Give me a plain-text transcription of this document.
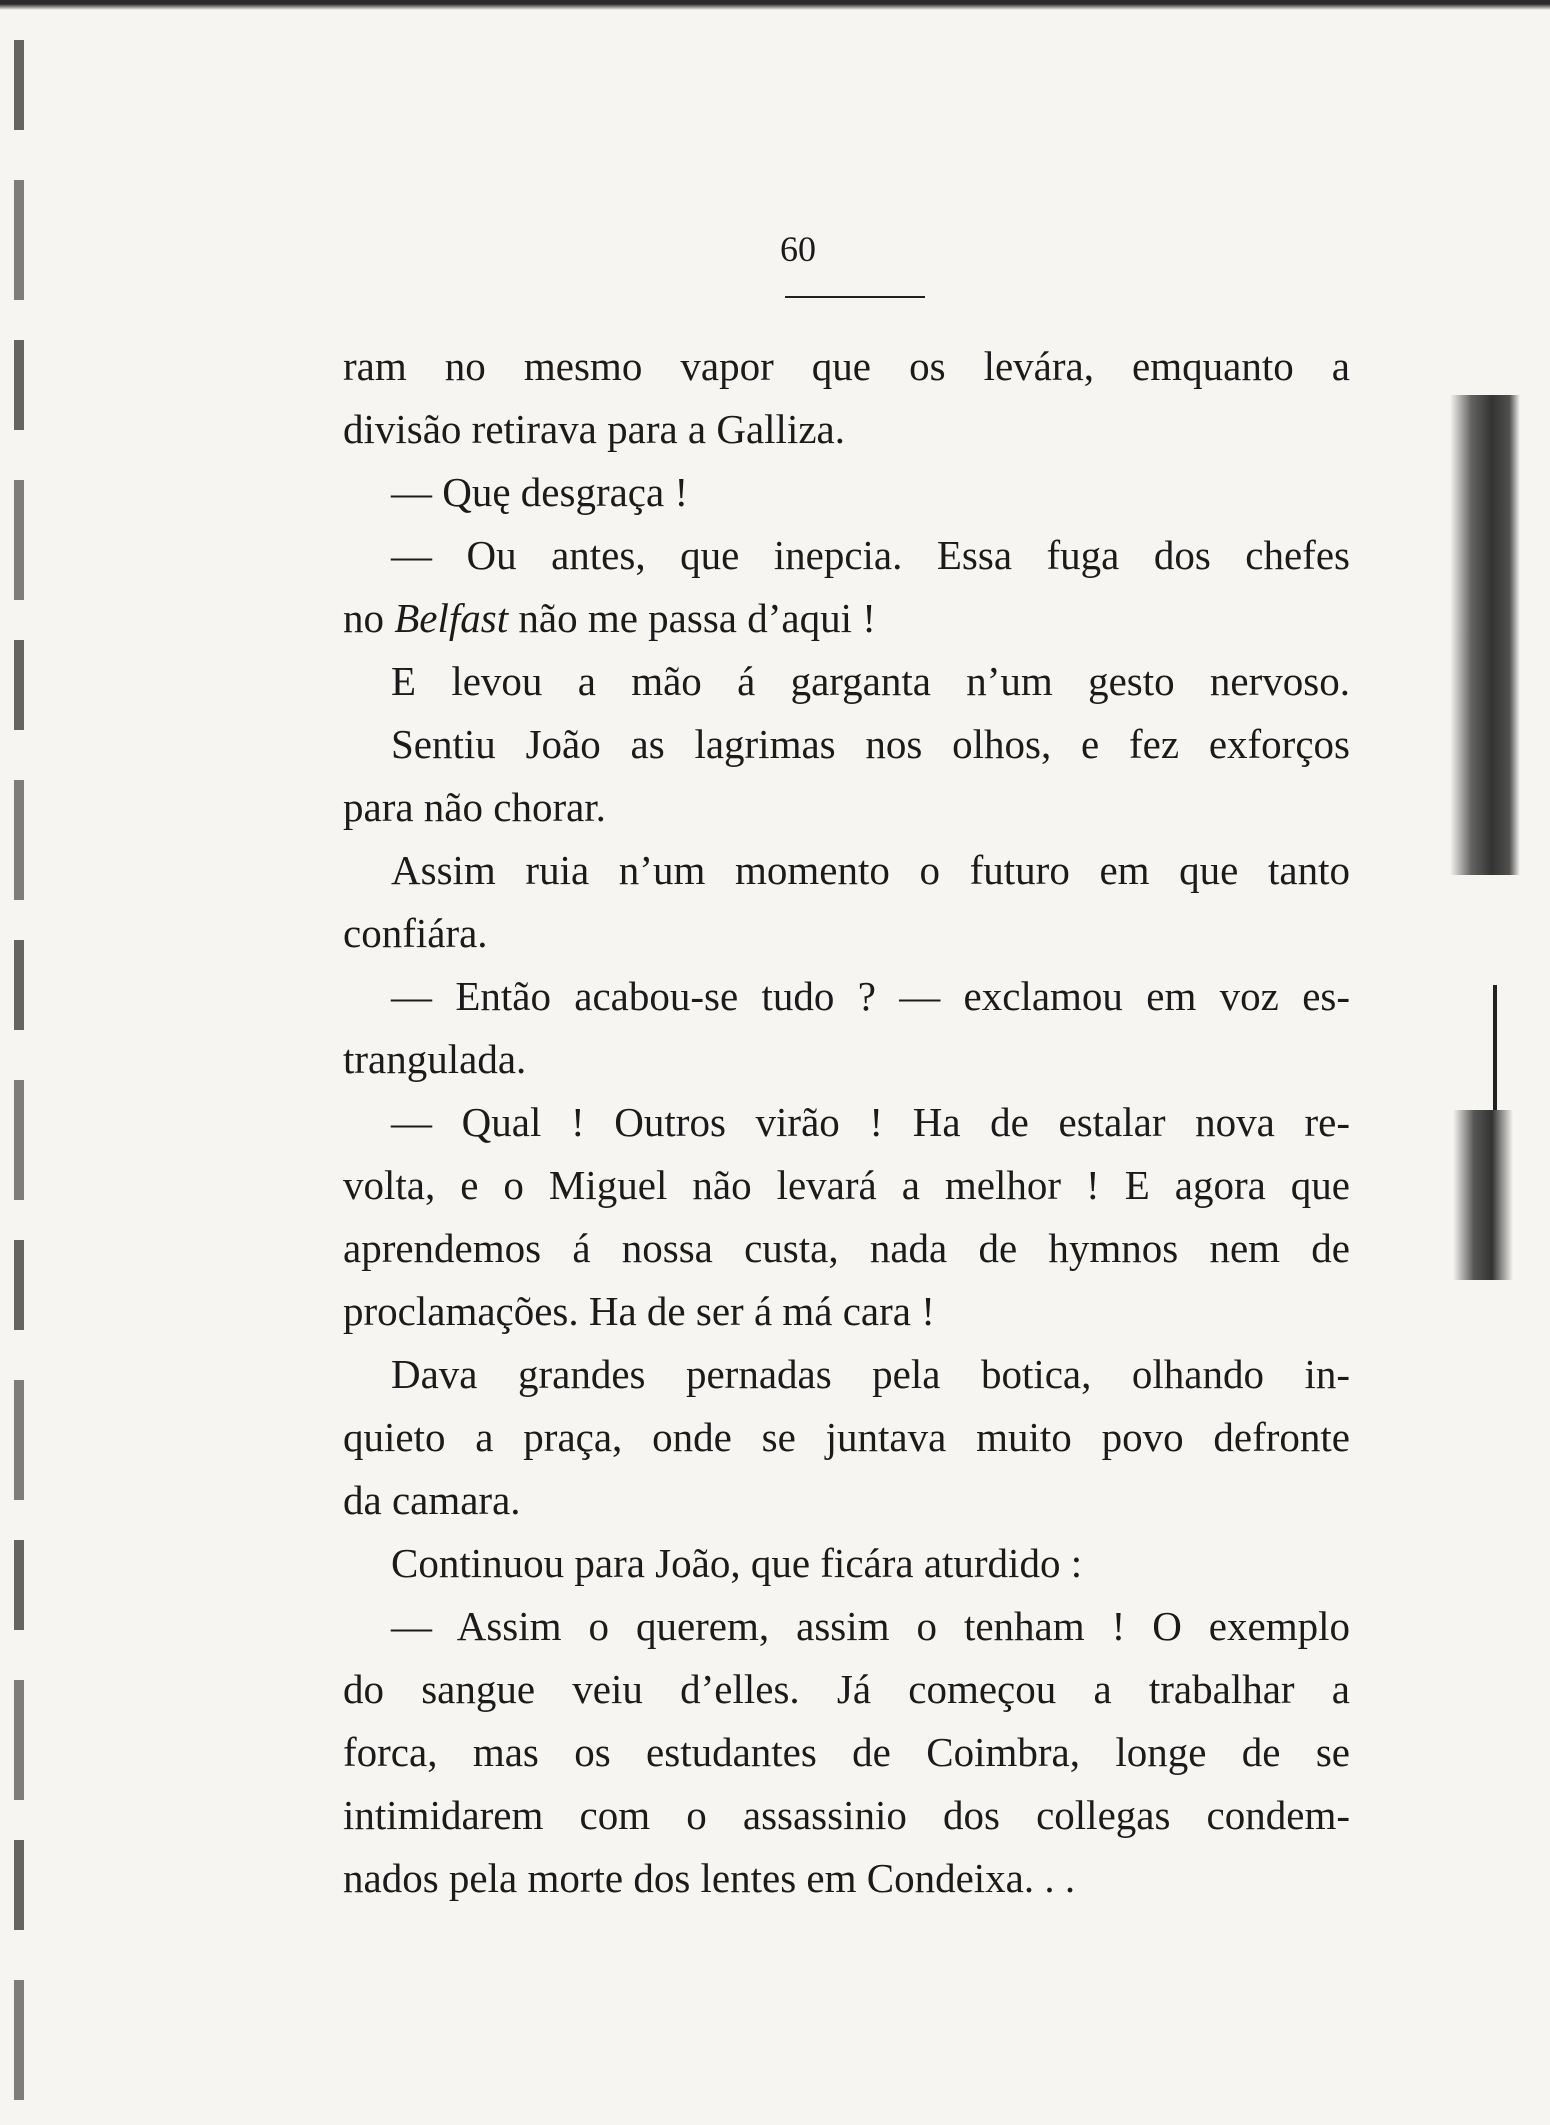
60
ram no mesmo vapor que os levára, emquanto a
divisão retirava para a Galliza.
— Quę desgraça !
— Ou antes, que inepcia. Essa fuga dos chefes
no Belfast não me passa d’aqui !
E levou a mão á garganta n’um gesto nervoso.
Sentiu João as lagrimas nos olhos, e fez exforços
para não chorar.
Assim ruia n’um momento o futuro em que tanto
confiára.
— Então acabou-se tudo ? — exclamou em voz es-
trangulada.
— Qual ! Outros virão ! Ha de estalar nova re-
volta, e o Miguel não levará a melhor ! E agora que
aprendemos á nossa custa, nada de hymnos nem de
proclamações. Ha de ser á má cara !
Dava grandes pernadas pela botica, olhando in-
quieto a praça, onde se juntava muito povo defronte
da camara.
Continuou para João, que ficára aturdido :
— Assim o querem, assim o tenham ! O exemplo
do sangue veiu d’elles. Já começou a trabalhar a
forca, mas os estudantes de Coimbra, longe de se
intimidarem com o assassinio dos collegas condem-
nados pela morte dos lentes em Condeixa. . .
